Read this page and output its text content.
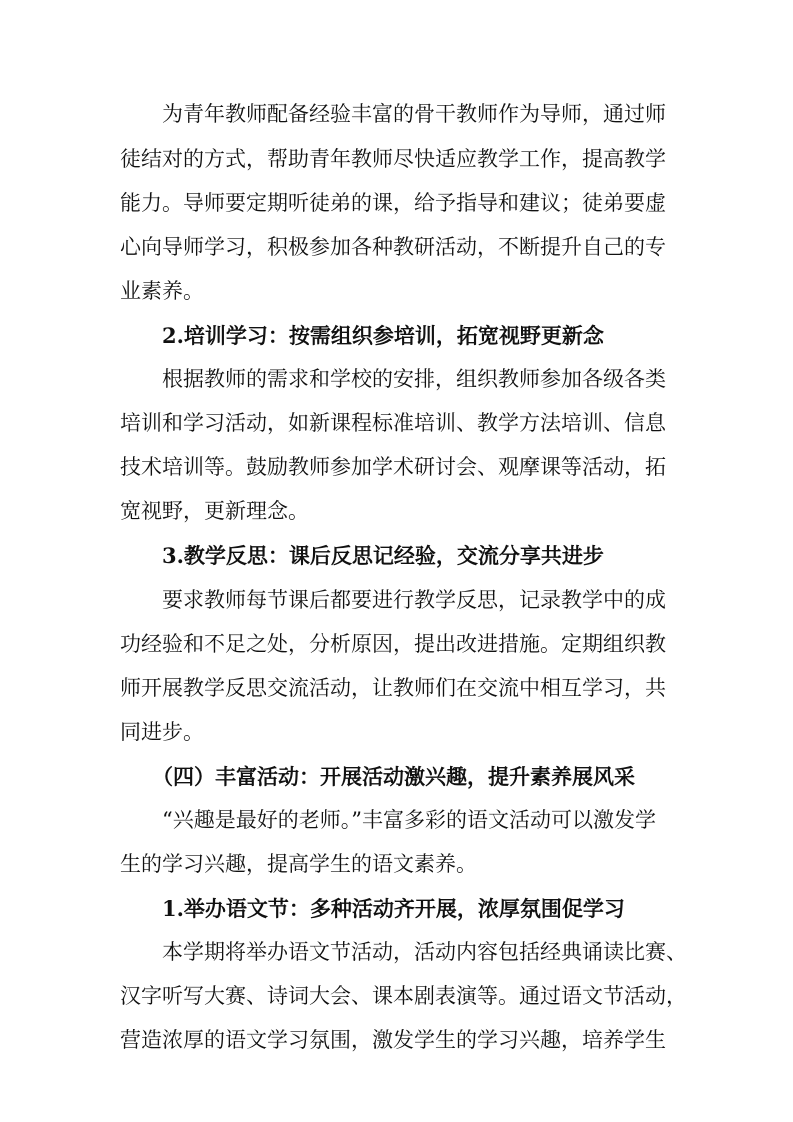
为青年教师配备经验丰富的骨干教师作为导师，通过师
徒结对的方式，帮助青年教师尽快适应教学工作，提高教学
能力。导师要定期听徒弟的课，给予指导和建议；徒弟要虚
心向导师学习，积极参加各种教研活动，不断提升自己的专
业素养。
2.培训学习：按需组织参培训，拓宽视野更新念
根据教师的需求和学校的安排，组织教师参加各级各类
培训和学习活动，如新课程标准培训、教学方法培训、信息
技术培训等。鼓励教师参加学术研讨会、观摩课等活动，拓
宽视野，更新理念。
3.教学反思：课后反思记经验，交流分享共进步
要求教师每节课后都要进行教学反思，记录教学中的成
功经验和不足之处，分析原因，提出改进措施。定期组织教
师开展教学反思交流活动，让教师们在交流中相互学习，共
同进步。
（四）丰富活动：开展活动激兴趣，提升素养展风采
“兴趣是最好的老师。”丰富多彩的语文活动可以激发学
生的学习兴趣，提高学生的语文素养。
1.举办语文节：多种活动齐开展，浓厚氛围促学习
本学期将举办语文节活动，活动内容包括经典诵读比赛、
汉字听写大赛、诗词大会、课本剧表演等。通过语文节活动，
营造浓厚的语文学习氛围，激发学生的学习兴趣，培养学生
